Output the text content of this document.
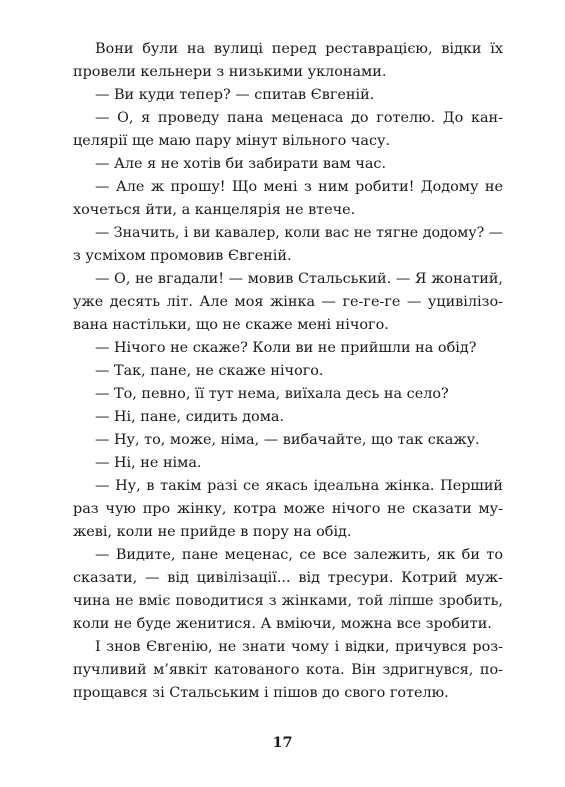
Вони були на вулиці перед реставрацією, відки їх
провели кельнери з низькими уклонами.

— Ви куди тепер? — спитав Євгеній.

— О, я проведу пана меценаса до готелю. До кан-
целярії ще маю пару мінут вільного часу.

— Але я не хотів би забирати вам час.

— Але ж прошу! Що мені з ним робити! Додому не
хочеться йти, а канцелярія не втече.

— Значить, і ви кавалер, коли вас не тягне додому? —
з усміхом промовив Євгеній.

— О, не вгадали! — мовив Стальський. — Я жонатий,
уже десять літ. Але моя жінка — ге-ге-ге — уцивілізо-
вана настільки, що не скаже мені нічого.

— Нічого не скаже? Коли ви не прийшли на обід?

— Так, пане, не скаже нічого.

— То, певно, її тут нема, виїхала десь на село?

— Ні, пане, сидить дома.

— Ну, то, може, німа, — вибачайте, що так скажу.

— Ні, не німа.

— Ну, в такім разі се якась ідеальна жінка. Перший
раз чую про жінку, котра може нічого не сказати му-
жеві, коли не прийде в пору на обід.

— Видите, пане меценас, се все залежить, як би то
сказати, — від цивілізації... від тресури. Котрий муж-
чина не вміє поводитися з жінками, той ліпше зробить,
коли не буде женитися. А вміючи, можна все зробити.

І знов Євгенію, не знати чому і відки, причувся роз-
пучливий м’явкіт катованого кота. Він здригнувся, по-
прощався зі Стальським і пішов до свого готелю.

17
